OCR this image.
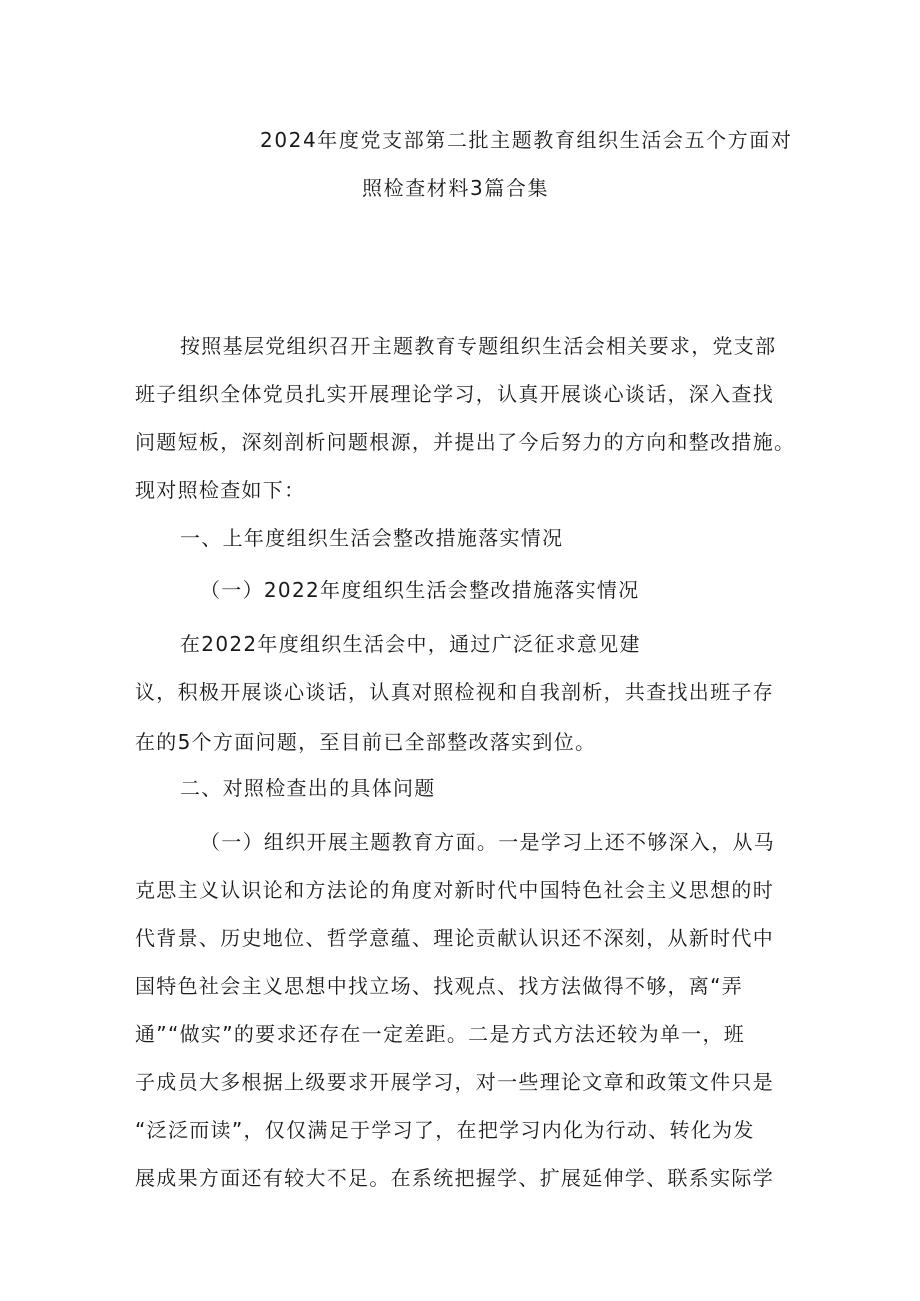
2024年度党支部第二批主题教育组织生活会五个方面对
照检查材料3篇合集
按照基层党组织召开主题教育专题组织生活会相关要求，党支部
班子组织全体党员扎实开展理论学习，认真开展谈心谈话，深入查找
问题短板，深刻剖析问题根源，并提出了今后努力的方向和整改措施。
现对照检查如下：
一、上年度组织生活会整改措施落实情况
（一）2022年度组织生活会整改措施落实情况
在2022年度组织生活会中，通过广泛征求意见建
议，积极开展谈心谈话，认真对照检视和自我剖析，共查找出班子存
在的5个方面问题，至目前已全部整改落实到位。
二、对照检查出的具体问题
（一）组织开展主题教育方面。一是学习上还不够深入，从马
克思主义认识论和方法论的角度对新时代中国特色社会主义思想的时
代背景、历史地位、哲学意蕴、理论贡献认识还不深刻，从新时代中
国特色社会主义思想中找立场、找观点、找方法做得不够，离“弄
通”“做实”的要求还存在一定差距。二是方式方法还较为单一，班
子成员大多根据上级要求开展学习，对一些理论文章和政策文件只是
“泛泛而读”，仅仅满足于学习了，在把学习内化为行动、转化为发
展成果方面还有较大不足。在系统把握学、扩展延伸学、联系实际学
